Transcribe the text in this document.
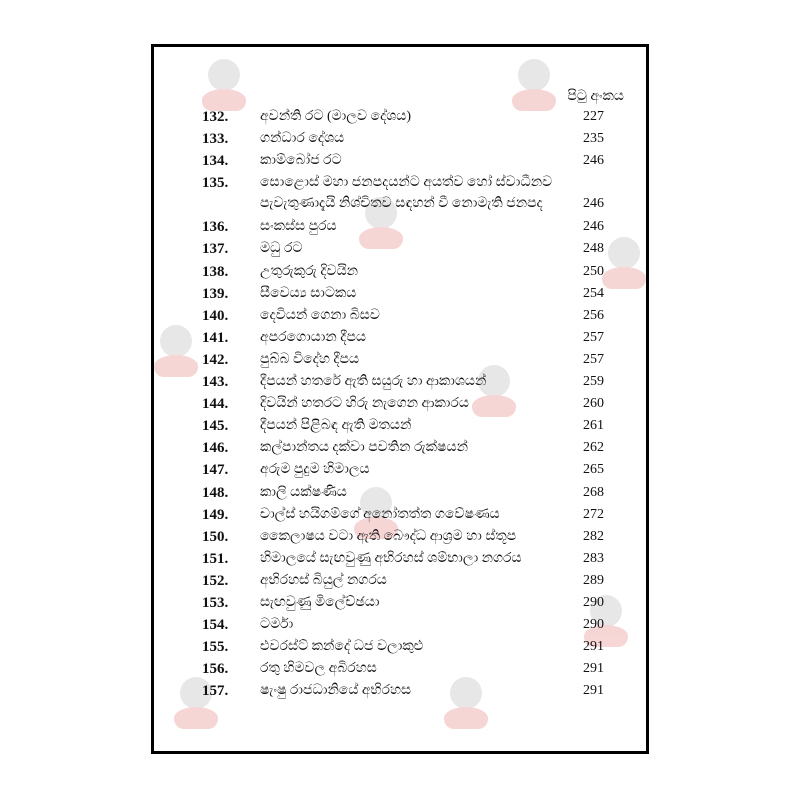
පිටු අංකය
132. අවන්ති රට (මාලව දේශය)	227
133. ගන්ධාර දේශය	235
134. කාම්බෝජ රට	246
135. සොළොස් මහා ජනපදයන්ට අයත්ව හෝ ස්වාධීනව
පැවැතුණාදැයි නිශ්චිතව සඳහන් වී නොමැති ජනපද	246
136. සංකස්ස පුරය	246
137. මධු රට	248
138. උතුරුකුරු දිවයින	250
139. සීවෙය්‍ය සාටකය	254
140. දෙවියන් ගෙනා බිසව	256
141. අපරගොයාන දීපය	257
142. පුබ්බ විදේහ දීපය	257
143. දීපයන් හතරේ ඇති සයුරු හා ආකාශයන්	259
144. දිවයින් හතරට හිරු නැගෙන ආකාරය	260
145. දීපයන් පිළිබඳ ඇති මතයන්	261
146. කල්පාන්තය දක්වා පවතින රුක්ෂයන්	262
147. අරුම පුදුම හිමාලය	265
148. කාලි යක්ෂණිය	268
149. චාල්ස් හයිගම්ගේ අනෝතත්ත ගවේෂණය	272
150. කෛලාෂය වටා ඇති බෞද්ධ ආශ්‍රම හා ස්තූප	282
151. හිමාලයේ සැඟවුණු අභිරහස් ශම්භාලා නගරය	283
152. අභිරහස් බියුල් නගරය	289
153. සැඟවුණු මිලේච්ඡයා	290
154. ටර්මා	290
155. එවරස්ට් කන්දේ ධජ වලාකුළු	291
156. රතු හිමවල අබිරහස	291
157. ෂැංෂු රාජධානියේ අභිරහස	291
